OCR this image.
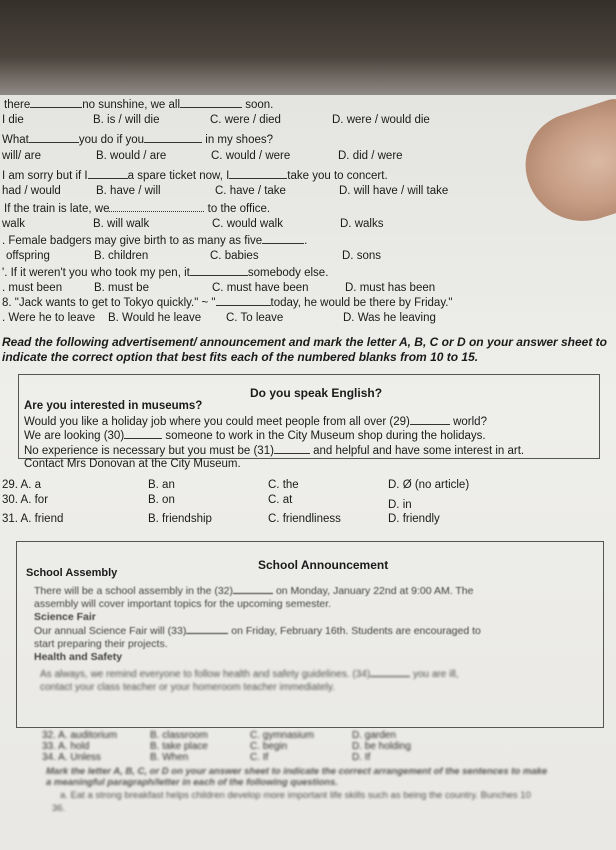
there	no sunshine, we all	soon.
I die	B. is / will die	C. were / died	D. were / would die
What	you do if you	in my shoes?
will/ are	B. would / are	C. would / were	D. did / were
I am sorry but if I	a spare ticket now, I	take you to concert.
had / would	B. have / will	C. have / take	D. will have / will take
If the train is late, we	to the office.
walk	B. will walk	C. would walk	D. walks
. Female badgers may give birth to as many as five	.
offspring	B. children	C. babies	D. sons
'. If it weren't you who took my pen, it	somebody else.
. must been	B. must be	C. must have been	D. must has been
8. "Jack wants to get to Tokyo quickly." ~ "	today, he would be there by Friday."
. Were he to leave B. Would he leave C. To leave	D. Was he leaving
Read the following advertisement/ announcement and mark the letter A, B, C or D on your answer sheet to
indicate the correct option that best fits each of the numbered blanks from 10 to 15.
Do you speak English?
Are you interested in museums?
Would you like a holiday job where you could meet people from all over (29)	world?
We are looking (30)	someone to work in the City Museum shop during the holidays.
No experience is necessary but you must be (31)	and helpful and have some interest in art.
Contact Mrs Donovan at the City Museum.
29. A. a	B. an	C. the	D. Ø (no article)
30. A. for	B. on	C. at	D. in
31. A. friend	B. friendship	C. friendliness	D. friendly
School Assembly
School Announcement
There will be a school assembly in the (32)	on Monday, January 22nd at 9:00 AM. The
assembly will cover important topics for the upcoming semester.
Science Fair
Our annual Science Fair will (33)	on Friday, February 16th. Students are encouraged to
start preparing their projects.
Health and Safety
As always, we remind everyone to follow health and safety guidelines. (34)	you are ill,
contact your class teacher or your homeroom teacher immediately.
32. A. auditorium	B. classroom	C. gymnasium	D. garden
33. A. hold	B. take place	C. begin	D. be holding
34. A. Unless	B. When	C. If	D. If
Mark the letter A, B, C, or D on your answer sheet to indicate the correct arrangement of the sentences to make
a meaningful paragraph/letter in each of the following questions.
a. Eat a strong breakfast helps children develop more important life skills such as being the country. Bunches 10
36.
